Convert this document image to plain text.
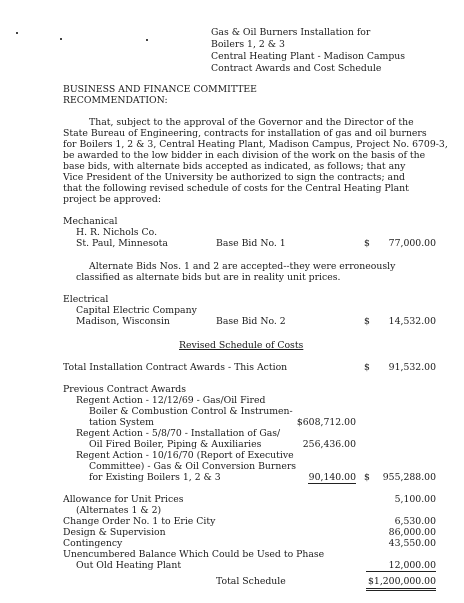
Gas & Oil Burners Installation for
Boilers 1, 2 & 3
Central Heating Plant - Madison Campus
Contract Awards and Cost Schedule
BUSINESS AND FINANCE COMMITTEE
RECOMMENDATION:
That, subject to the approval of the Governor and the Director of the
State Bureau of Engineering, contracts for installation of gas and oil burners
for Boilers 1, 2 & 3, Central Heating Plant, Madison Campus, Project No. 6709-3,
be awarded to the low bidder in each division of the work on the basis of the
base bids, with alternate bids accepted as indicated, as follows; that any
Vice President of the University be authorized to sign the contracts; and
that the following revised schedule of costs for the Central Heating Plant
project be approved:
Mechanical
H. R. Nichols Co.
St. Paul, Minnesota	Base Bid No. 1	$	77,000.00
Alternate Bids Nos. 1 and 2 are accepted--they were erroneously
classified as alternate bids but are in reality unit prices.
Electrical
Capital Electric Company
Madison, Wisconsin	Base Bid No. 2	$	14,532.00
Revised Schedule of Costs
Total Installation Contract Awards - This Action	$	91,532.00
Previous Contract Awards
Regent Action - 12/12/69 - Gas/Oil Fired
Boiler & Combustion Control & Instrumen-
tation System	$608,712.00
Regent Action - 5/8/70 - Installation of Gas/
Oil Fired Boiler, Piping & Auxiliaries	256,436.00
Regent Action - 10/16/70 (Report of Executive
Committee) - Gas & Oil Conversion Burners
for Existing Boilers 1, 2 & 3	90,140.00 $	955,288.00
Allowance for Unit Prices	5,100.00
(Alternates 1 & 2)
Change Order No. 1 to Erie City	6,530.00
Design & Supervision	86,000.00
Contingency	43,550.00
Unencumbered Balance Which Could be Used to Phase
Out Old Heating Plant	12,000.00
Total Schedule	$1,200,000.00
